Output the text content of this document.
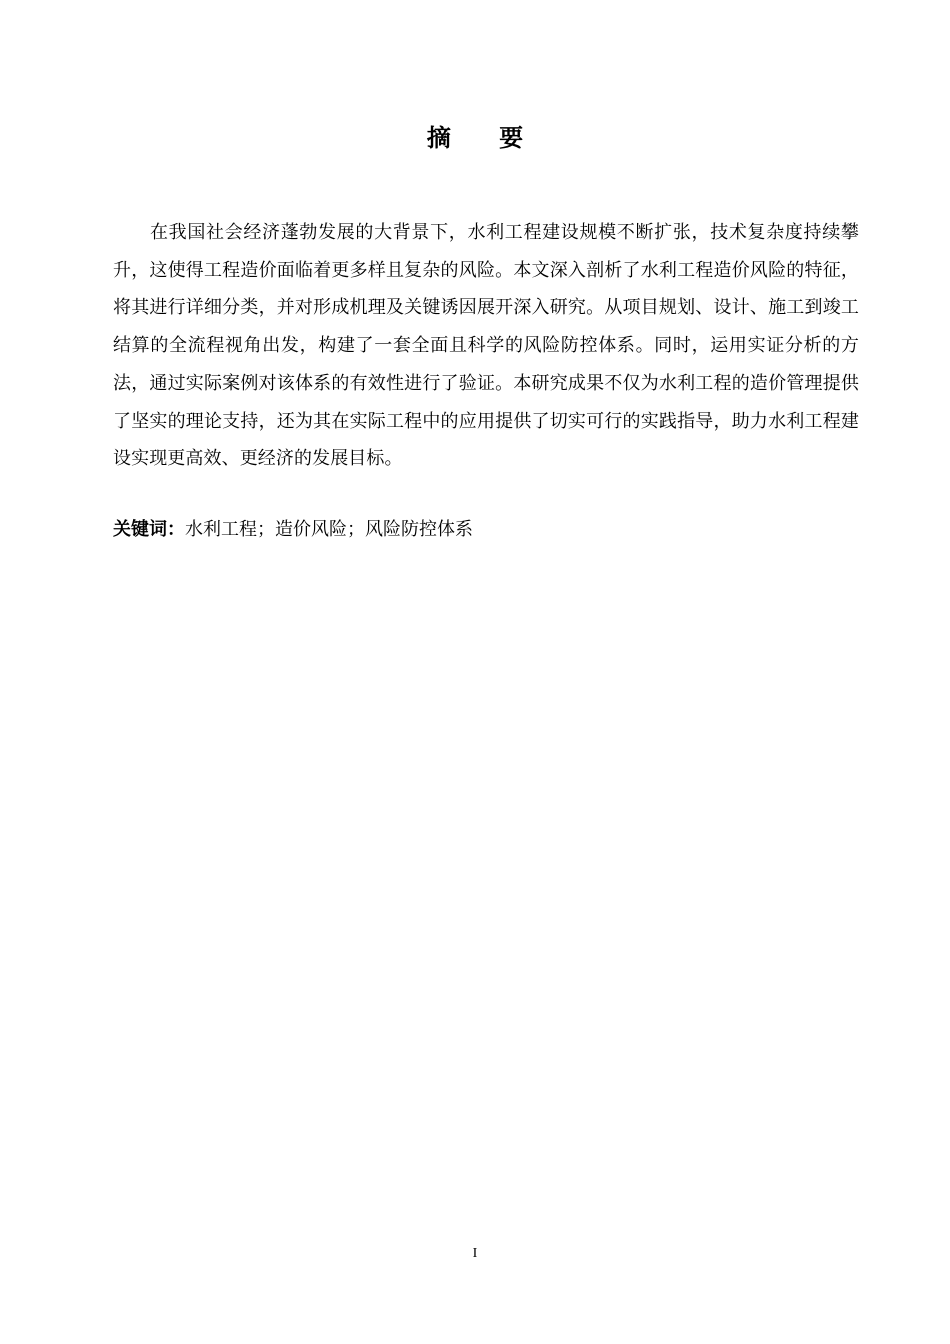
摘 要

在我国社会经济蓬勃发展的大背景下，水利工程建设规模不断扩张，技术复杂度持续攀升，这使得工程造价面临着更多样且复杂的风险。本文深入剖析了水利工程造价风险的特征，将其进行详细分类，并对形成机理及关键诱因展开深入研究。从项目规划、设计、施工到竣工结算的全流程视角出发，构建了一套全面且科学的风险防控体系。同时，运用实证分析的方法，通过实际案例对该体系的有效性进行了验证。本研究成果不仅为水利工程的造价管理提供了坚实的理论支持，还为其在实际工程中的应用提供了切实可行的实践指导，助力水利工程建设实现更高效、更经济的发展目标。

关键词：水利工程；造价风险；风险防控体系

I
